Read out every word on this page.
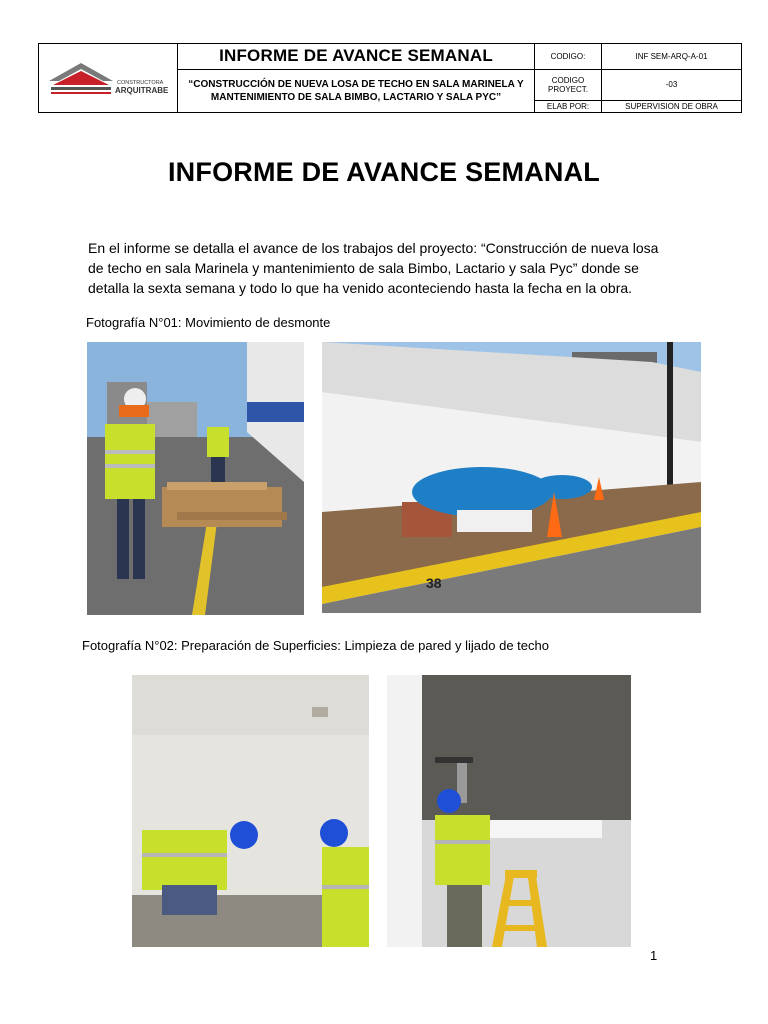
CONSTRUCTORA
ARQUITRABE	INFORME DE AVANCE SEMANAL	CODIGO:	INF SEM-ARQ-A-01
	“CONSTRUCCIÓN DE NUEVA LOSA DE TECHO EN SALA MARINELA Y MANTENIMIENTO DE SALA BIMBO, LACTARIO Y SALA PYC”	CODIGO PROYECT.	-03
		ELAB POR:	SUPERVISION DE OBRA
INFORME DE AVANCE SEMANAL
En el informe se detalla el avance de los trabajos del proyecto: “Construcción de nueva losa de techo en sala Marinela y mantenimiento de sala Bimbo, Lactario y sala Pyc” donde se detalla la sexta semana y todo lo que ha venido aconteciendo hasta la fecha en la obra.
Fotografía N°01: Movimiento de desmonte
38
Fotografía N°02: Preparación de Superficies: Limpieza de pared y lijado de techo
1
